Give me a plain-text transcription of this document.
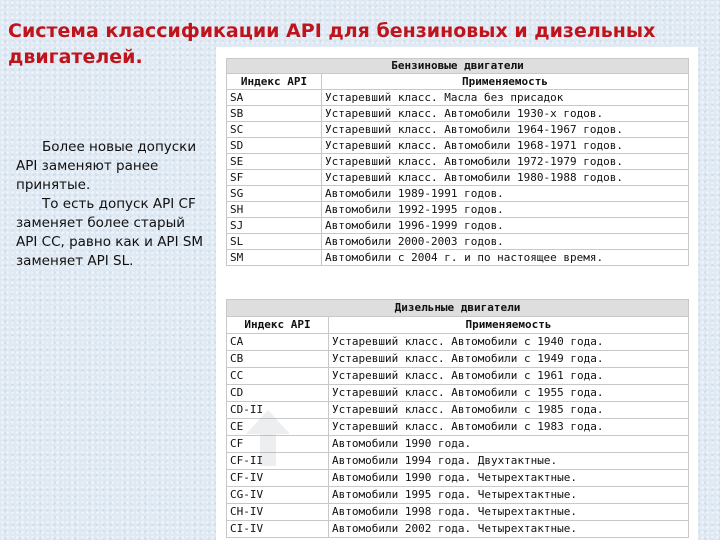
Система классификации API для бензиновых и дизельных двигателей.

Более новые допуски API заменяют ранее принятые.

То есть допуск API CF заменяет более старый API CC, равно как и API SM заменяет API SL.

Бензиновые двигатели	
Индекс API	Применяемость
SA	Устаревший класс. Масла без присадок
SB	Устаревший класс. Автомобили 1930-х годов.
SC	Устаревший класс. Автомобили 1964-1967 годов.
SD	Устаревший класс. Автомобили 1968-1971 годов.
SE	Устаревший класс. Автомобили 1972-1979 годов.
SF	Устаревший класс. Автомобили 1980-1988 годов.
SG	Автомобили 1989-1991 годов.
SH	Автомобили 1992-1995 годов.
SJ	Автомобили 1996-1999 годов.
SL	Автомобили 2000-2003 годов.
SM	Автомобили с 2004 г. и по настоящее время.
Дизельные двигатели	
Индекс API	Применяемость
CA	Устаревший класс. Автомобили с 1940 года.
CB	Устаревший класс. Автомобили с 1949 года.
CC	Устаревший класс. Автомобили с 1961 года.
CD	Устаревший класс. Автомобили с 1955 года.
CD-II	Устаревший класс. Автомобили с 1985 года.
CE	Устаревший класс. Автомобили с 1983 года.
CF	Автомобили 1990 года.
CF-II	Автомобили 1994 года. Двухтактные.
CF-IV	Автомобили 1990 года. Четырехтактные.
CG-IV	Автомобили 1995 года. Четырехтактные.
CH-IV	Автомобили 1998 года. Четырехтактные.
CI-IV	Автомобили 2002 года. Четырехтактные.
